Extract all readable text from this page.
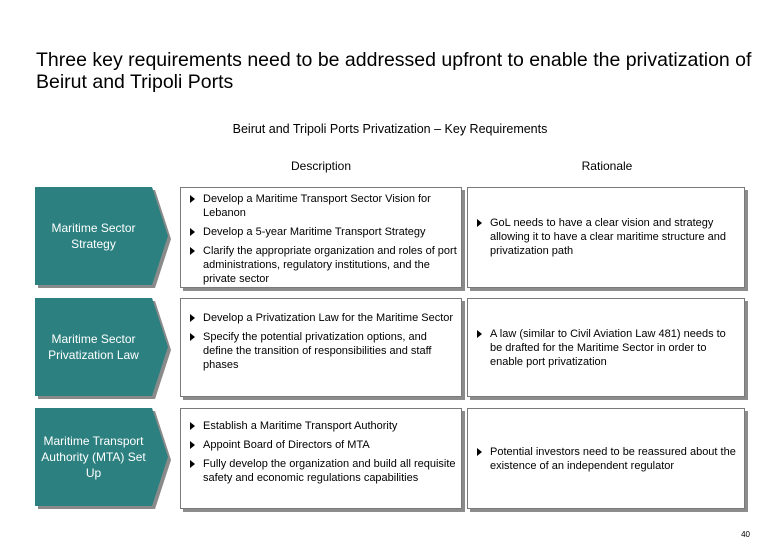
Three key requirements need to be addressed upfront to enable the privatization of Beirut and Tripoli Ports
Beirut and Tripoli Ports Privatization – Key Requirements
Description	Rationale
Maritime Sector Strategy
Develop a Maritime Transport Sector Vision for Lebanon
Develop a 5-year Maritime Transport Strategy
Clarify the appropriate organization and roles of port administrations, regulatory institutions, and the private sector
GoL needs to have a clear vision and strategy allowing it to have a clear maritime structure and privatization path
Maritime Sector Privatization Law
Develop a Privatization Law for the Maritime Sector
Specify the potential privatization options, and define the transition of responsibilities and staff phases
A law (similar to Civil Aviation Law 481) needs to be drafted for the Maritime Sector in order to enable port privatization
Maritime Transport Authority (MTA) Set Up
Establish a Maritime Transport Authority
Appoint Board of Directors of MTA
Fully develop the organization and build all requisite safety and economic regulations capabilities
Potential investors need to be reassured about the existence of an independent regulator
40
